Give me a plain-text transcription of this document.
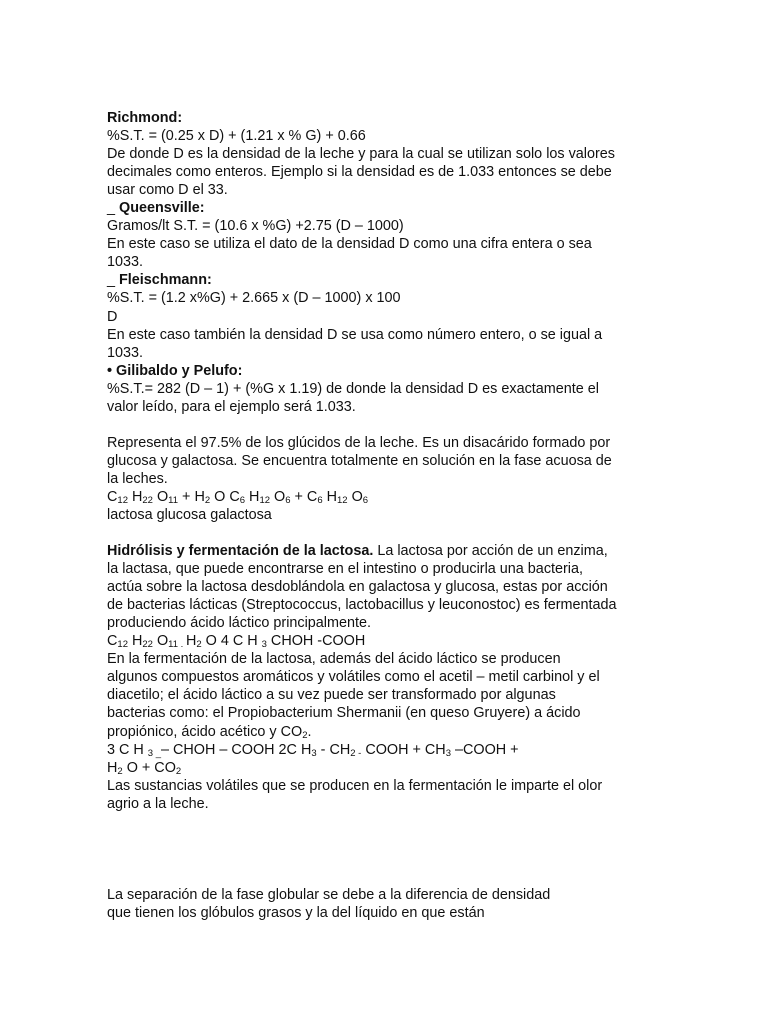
Richmond:

%S.T. = (0.25 x D) + (1.21 x % G) + 0.66

De donde D es la densidad de la leche y para la cual se utilizan solo los valores

decimales como enteros. Ejemplo si la densidad es de 1.033 entonces se debe

usar como D el 33.

_ Queensville:

Gramos/lt S.T. = (10.6 x %G) +2.75 (D – 1000)

En este caso se utiliza el dato de la densidad D como una cifra entera o sea

1033.

_ Fleischmann:

%S.T. = (1.2 x%G) + 2.665 x (D – 1000) x 100

D

En este caso también la densidad D se usa como número entero, o se igual a

1033.

• Gilibaldo y Pelufo:

%S.T.= 282 (D – 1) + (%G x 1.19) de donde la densidad D es exactamente el

valor leído, para el ejemplo será 1.033.

Representa el 97.5% de los glúcidos de la leche. Es un disacárido formado por

glucosa y galactosa. Se encuentra totalmente en solución en la fase acuosa de

la leches.

$C_{12}$ $H_{22}$ $O_{11} + H_2$ O $C_6$ $H_{12}$ $O_6 + C_6$ $H_{12}$ $O_6$

lactosa glucosa galactosa

Hidrólisis y fermentación de la lactosa. La lactosa por acción de un enzima,

la lactasa, que puede encontrarse en el intestino o producirla una bacteria,

actúa sobre la lactosa desdoblándola en galactosa y glucosa, estas por acción

de bacterias lácticas (Streptococcus, lactobacillus y leuconostoc) es fermentada

produciendo ácido láctico principalmente.

$C_{12}$ $H_{22}$ $O_{11 .}$ $H_2$ O 4 C H $_3$ CHOH -COOH

En la fermentación de la lactosa, además del ácido láctico se producen

algunos compuestos aromáticos y volátiles como el acetil – metil carbinol y el

diacetilo; el ácido láctico a su vez puede ser transformado por algunas

bacterias como: el Propiobacterium Shermanii (en queso Gruyere) a ácido

propiónico, ácido acético y $CO_2$.

3 C H $_{3 \_}$– CHOH – COOH 2C $H_3 - CH_{2 -}$ COOH + $CH_3$ –COOH +

$H_2$ $O + CO_2$

Las sustancias volátiles que se producen en la fermentación le imparte el olor

agrio a la leche.

La separación de la fase globular se debe a la diferencia de densidad

que tienen los glóbulos grasos y la del líquido en que están
